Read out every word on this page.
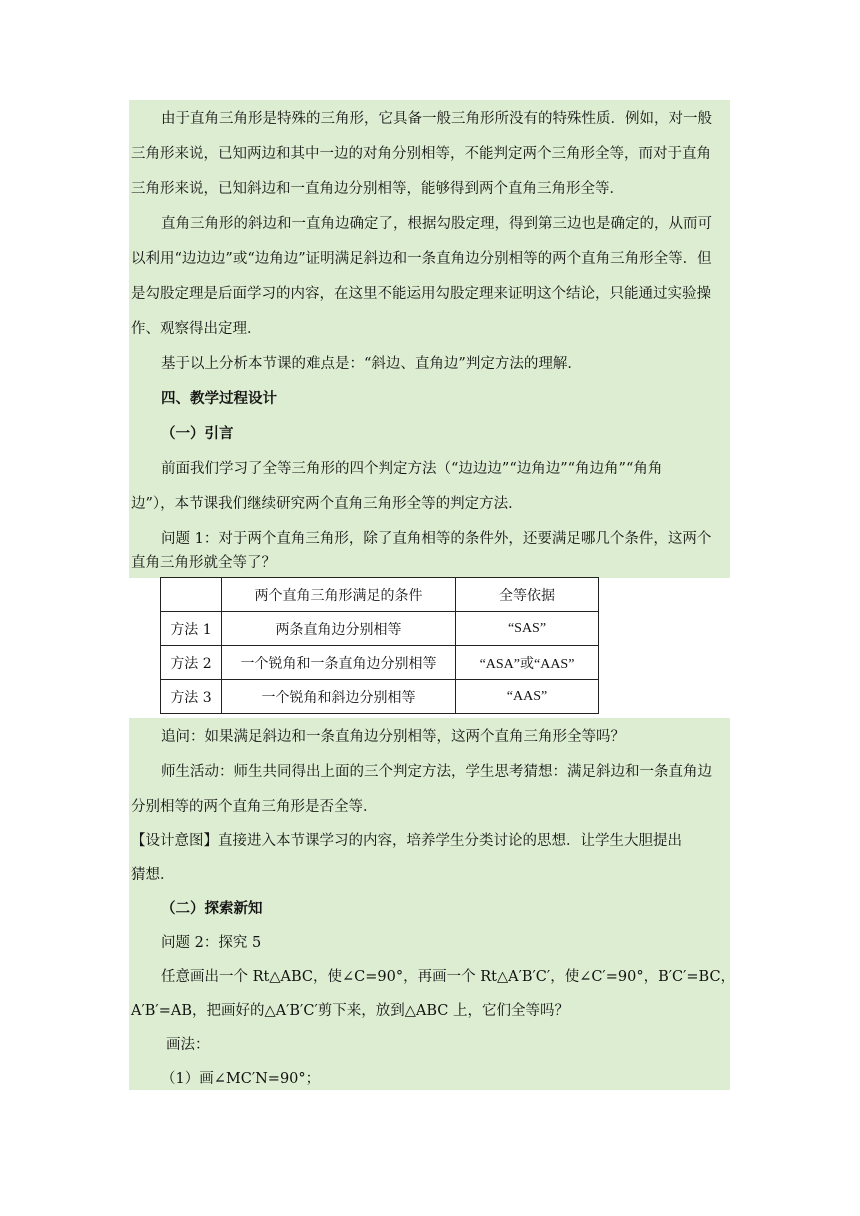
由于直角三角形是特殊的三角形，它具备一般三角形所没有的特殊性质．例如，对一般
三角形来说，已知两边和其中一边的对角分别相等，不能判定两个三角形全等，而对于直角
三角形来说，已知斜边和一直角边分别相等，能够得到两个直角三角形全等．
直角三角形的斜边和一直角边确定了，根据勾股定理，得到第三边也是确定的，从而可
以利用“边边边”或“边角边”证明满足斜边和一条直角边分别相等的两个直角三角形全等．但
是勾股定理是后面学习的内容，在这里不能运用勾股定理来证明这个结论，只能通过实验操
作、观察得出定理．
基于以上分析本节课的难点是：“斜边、直角边”判定方法的理解．
四、教学过程设计
（一）引言
前面我们学习了全等三角形的四个判定方法（“边边边”“边角边”“角边角”“角角
边”），本节课我们继续研究两个直角三角形全等的判定方法．
问题 1：对于两个直角三角形，除了直角相等的条件外，还要满足哪几个条件，这两个
直角三角形就全等了？
	两个直角三角形满足的条件	全等依据
方法 1	两条直角边分别相等	“SAS”
方法 2	一个锐角和一条直角边分别相等	“ASA”或“AAS”
方法 3	一个锐角和斜边分别相等	“AAS”
追问：如果满足斜边和一条直角边分别相等，这两个直角三角形全等吗？
师生活动：师生共同得出上面的三个判定方法，学生思考猜想：满足斜边和一条直角边
分别相等的两个直角三角形是否全等．
【设计意图】直接进入本节课学习的内容，培养学生分类讨论的思想．让学生大胆提出
猜想．
（二）探索新知
问题 2：探究 5
任意画出一个 Rt△ABC，使∠C=90°，再画一个 Rt△A′B′C′，使∠C′=90°，B′C′=BC，
A′B′=AB，把画好的△A′B′C′剪下来，放到△ABC 上，它们全等吗？
画法：
（1）画∠MC′N=90°；
